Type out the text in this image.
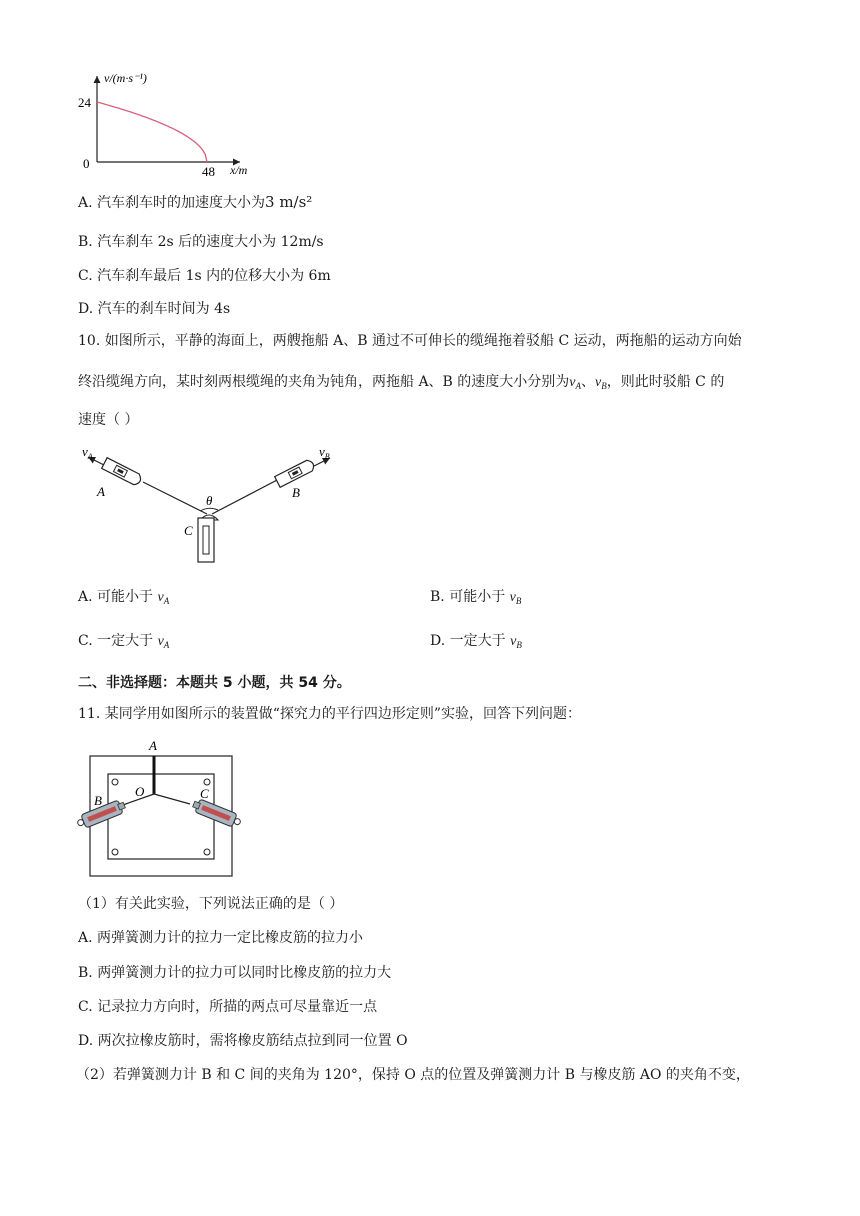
v/(m·s⁻¹)
24
0
48 x/m
A. 汽车刹车时的加速度大小为3 m/s²
B. 汽车刹车 2s 后的速度大小为 12m/s
C. 汽车刹车最后 1s 内的位移大小为 6m
D. 汽车的刹车时间为 4s
10. 如图所示，平静的海面上，两艘拖船 A、B 通过不可伸长的缆绳拖着驳船 C 运动，两拖船的运动方向始
终沿缆绳方向，某时刻两根缆绳的夹角为钝角，两拖船 A、B 的速度大小分别为$v_A$、$v_B$，则此时驳船 C 的
速度（ ）
$v_A$	$v_B$
A	B
C
θ
A. 可能小于 $v_A$	B. 可能小于 $v_B$
C. 一定大于 $v_A$	D. 一定大于 $v_B$
二、非选择题：本题共 5 小题，共 54 分。
11. 某同学用如图所示的装置做“探究力的平行四边形定则”实验，回答下列问题：
A
B
O	C
（1）有关此实验，下列说法正确的是（ ）
A. 两弹簧测力计的拉力一定比橡皮筋的拉力小
B. 两弹簧测力计的拉力可以同时比橡皮筋的拉力大
C. 记录拉力方向时，所描的两点可尽量靠近一点
D. 两次拉橡皮筋时，需将橡皮筋结点拉到同一位置 O
（2）若弹簧测力计 B 和 C 间的夹角为 120°，保持 O 点的位置及弹簧测力计 B 与橡皮筋 AO 的夹角不变，
